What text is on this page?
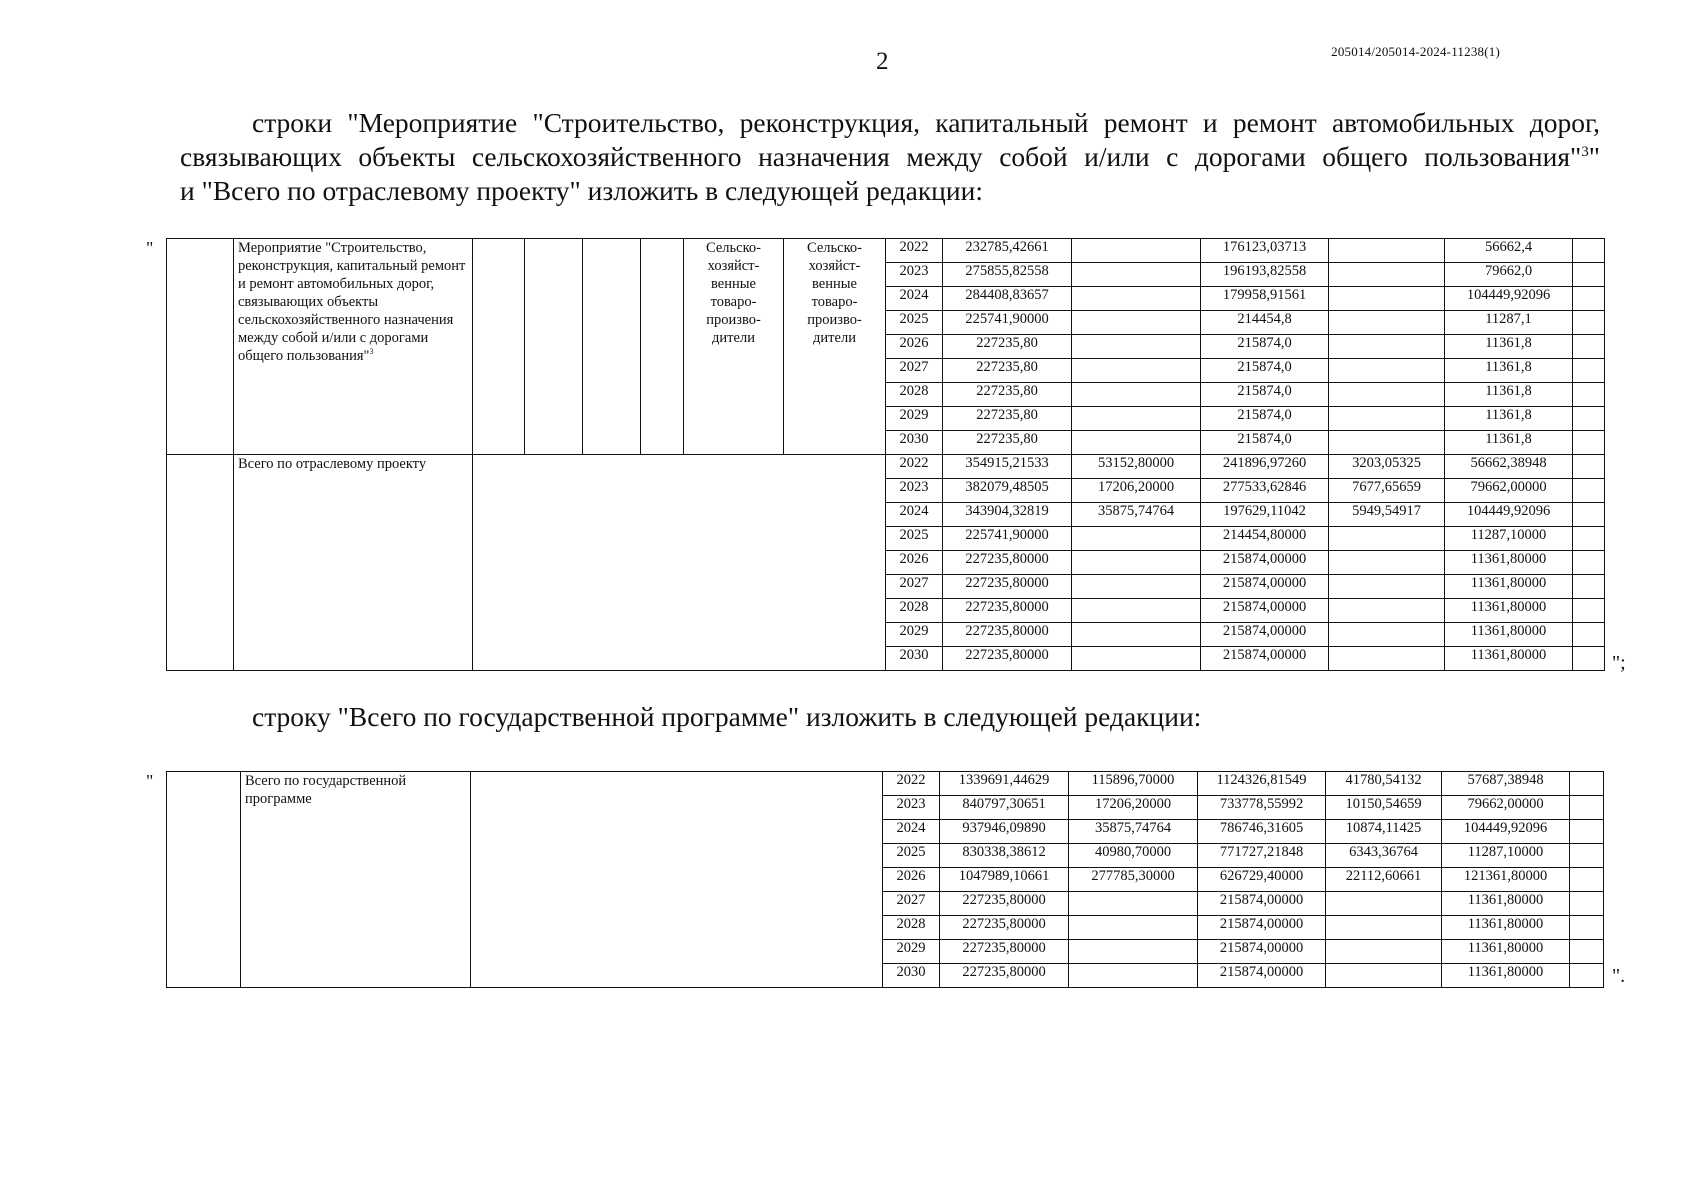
2	205014/205014-2024-11238(1)
строки "Мероприятие "Строительство, реконструкция, капитальный ремонт и ремонт автомобильных дорог,
связывающих объекты сельскохозяйственного назначения между собой и/или с дорогами общего пользования"$^3$"
и "Всего по отраслевому проекту" изложить в следующей редакции:
"
		Мероприятие "Строительство, реконструкция, капитальный ремонт и ремонт автомобильных дорог, связывающих объекты сельскохозяйственного назначения между собой и/или с дорогами общего пользования"$^3$					Сельско-хозяйст-венные товаро-произво-дители	Сельско-хозяйст-венные товаро-произво-дители	2022	232785,42661		176123,03713		56662,4	
								2023	275855,82558		196193,82558		79662,0	
								2024	284408,83657		179958,91561		104449,92096	
								2025	225741,90000		214454,8		11287,1	
								2026	227235,80		215874,0		11361,8	
								2027	227235,80		215874,0		11361,8	
								2028	227235,80		215874,0		11361,8	
								2029	227235,80		215874,0		11361,8	
								2030	227235,80		215874,0		11361,8	
	Всего по отраслевому проекту							2022	354915,21533	53152,80000	241896,97260	3203,05325	56662,38948	
								2023	382079,48505	17206,20000	277533,62846	7677,65659	79662,00000	
								2024	343904,32819	35875,74764	197629,11042	5949,54917	104449,92096	
								2025	225741,90000		214454,80000		11287,10000	
								2026	227235,80000		215874,00000		11361,80000	
								2027	227235,80000		215874,00000		11361,80000	
								2028	227235,80000		215874,00000		11361,80000	
								2029	227235,80000		215874,00000		11361,80000	
								2030	227235,80000		215874,00000		11361,80000		";
строку "Всего по государственной программе" изложить в следующей редакции:
"
		Всего по государственной программе		2022	1339691,44629	115896,70000	1124326,81549	41780,54132	57687,38948	
			2023	840797,30651	17206,20000	733778,55992	10150,54659	79662,00000	
			2024	937946,09890	35875,74764	786746,31605	10874,11425	104449,92096	
			2025	830338,38612	40980,70000	771727,21848	6343,36764	11287,10000	
			2026	1047989,10661	277785,30000	626729,40000	22112,60661	121361,80000	
			2027	227235,80000		215874,00000		11361,80000	
			2028	227235,80000		215874,00000		11361,80000	
			2029	227235,80000		215874,00000		11361,80000	
			2030	227235,80000		215874,00000		11361,80000		".
